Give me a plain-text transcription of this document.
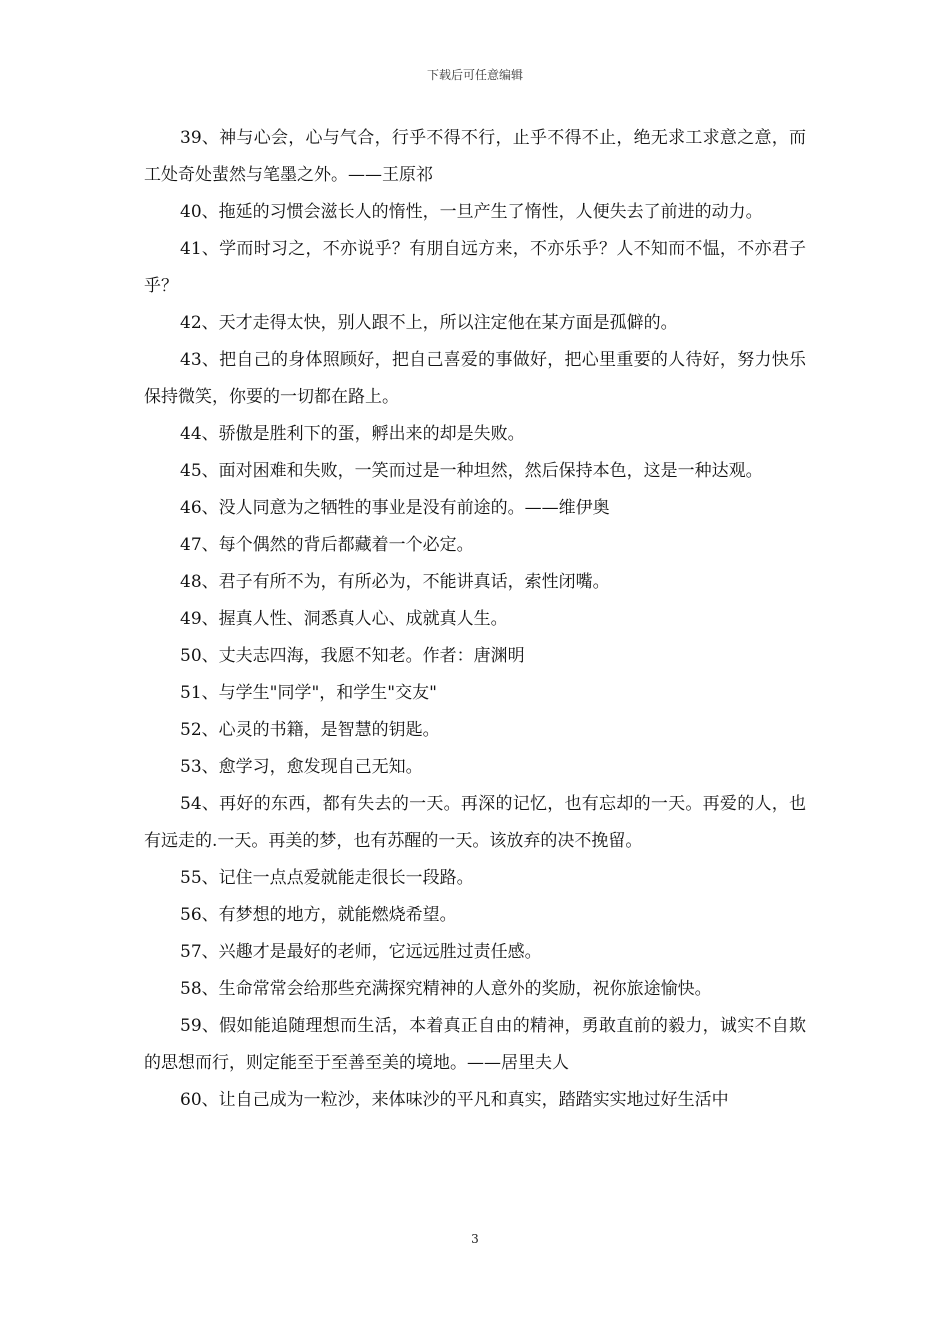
下载后可任意编辑

39、神与心会，心与气合，行乎不得不行，止乎不得不止，绝无求工求意之意，而工处奇处蜚然与笔墨之外。——王原祁

40、拖延的习惯会滋长人的惰性，一旦产生了惰性，人便失去了前进的动力。

41、学而时习之，不亦说乎？有朋自远方来，不亦乐乎？人不知而不愠，不亦君子乎？

42、天才走得太快，别人跟不上，所以注定他在某方面是孤僻的。

43、把自己的身体照顾好，把自己喜爱的事做好，把心里重要的人待好，努力快乐保持微笑，你要的一切都在路上。

44、骄傲是胜利下的蛋，孵出来的却是失败。

45、面对困难和失败，一笑而过是一种坦然，然后保持本色，这是一种达观。

46、没人同意为之牺牲的事业是没有前途的。——维伊奥

47、每个偶然的背后都藏着一个必定。

48、君子有所不为，有所必为，不能讲真话，索性闭嘴。

49、握真人性、洞悉真人心、成就真人生。

50、丈夫志四海，我愿不知老。作者：唐渊明

51、与学生"同学"，和学生"交友"

52、心灵的书籍，是智慧的钥匙。

53、愈学习，愈发现自己无知。

54、再好的东西，都有失去的一天。再深的记忆，也有忘却的一天。再爱的人，也有远走的.一天。再美的梦，也有苏醒的一天。该放弃的决不挽留。

55、记住一点点爱就能走很长一段路。

56、有梦想的地方，就能燃烧希望。

57、兴趣才是最好的老师，它远远胜过责任感。

58、生命常常会给那些充满探究精神的人意外的奖励，祝你旅途愉快。

59、假如能追随理想而生活，本着真正自由的精神，勇敢直前的毅力，诚实不自欺的思想而行，则定能至于至善至美的境地。——居里夫人

60、让自己成为一粒沙，来体味沙的平凡和真实，踏踏实实地过好生活中

3
